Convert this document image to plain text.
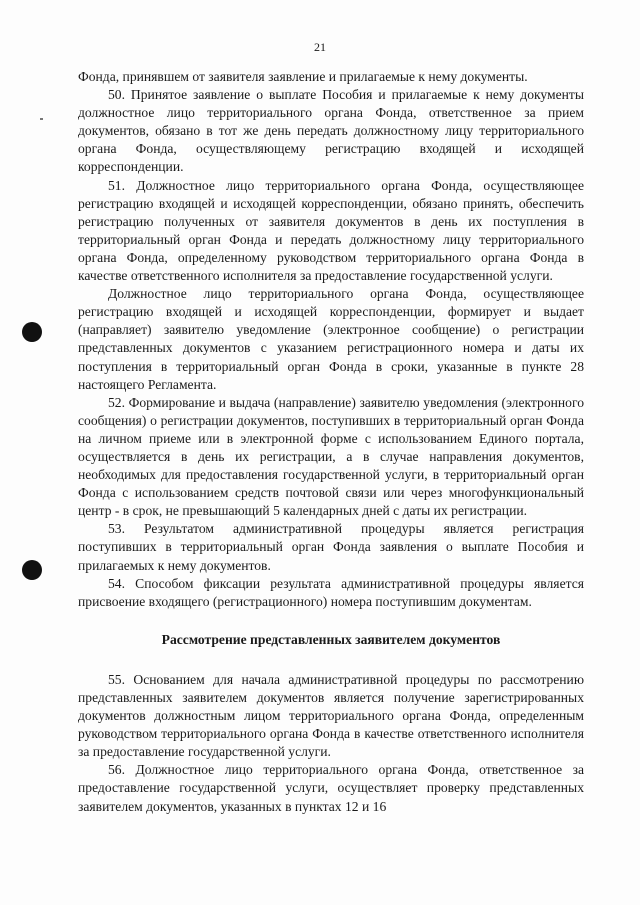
21

Фонда, принявшем от заявителя заявление и прилагаемые к нему документы.

50. Принятое заявление о выплате Пособия и прилагаемые к нему документы должностное лицо территориального органа Фонда, ответственное за прием документов, обязано в тот же день передать должностному лицу территориального органа Фонда, осуществляющему регистрацию входящей и исходящей корреспонденции.

51. Должностное лицо территориального органа Фонда, осуществляющее регистрацию входящей и исходящей корреспонденции, обязано принять, обеспечить регистрацию полученных от заявителя документов в день их поступления в территориальный орган Фонда и передать должностному лицу территориального органа Фонда, определенному руководством территориального органа Фонда в качестве ответственного исполнителя за предоставление государственной услуги.

Должностное лицо территориального органа Фонда, осуществляющее регистрацию входящей и исходящей корреспонденции, формирует и выдает (направляет) заявителю уведомление (электронное сообщение) о регистрации представленных документов с указанием регистрационного номера и даты их поступления в территориальный орган Фонда в сроки, указанные в пункте 28 настоящего Регламента.

52. Формирование и выдача (направление) заявителю уведомления (электронного сообщения) о регистрации документов, поступивших в территориальный орган Фонда на личном приеме или в электронной форме с использованием Единого портала, осуществляется в день их регистрации, а в случае направления документов, необходимых для предоставления государственной услуги, в территориальный орган Фонда с использованием средств почтовой связи или через многофункциональный центр - в срок, не превышающий 5 календарных дней с даты их регистрации.

53. Результатом административной процедуры является регистрация поступивших в территориальный орган Фонда заявления о выплате Пособия и прилагаемых к нему документов.

54. Способом фиксации результата административной процедуры является присвоение входящего (регистрационного) номера поступившим документам.

Рассмотрение представленных заявителем документов

55. Основанием для начала административной процедуры по рассмотрению представленных заявителем документов является получение зарегистрированных документов должностным лицом территориального органа Фонда, определенным руководством территориального органа Фонда в качестве ответственного исполнителя за предоставление государственной услуги.

56. Должностное лицо территориального органа Фонда, ответственное за предоставление государственной услуги, осуществляет проверку представленных заявителем документов, указанных в пунктах 12 и 16
